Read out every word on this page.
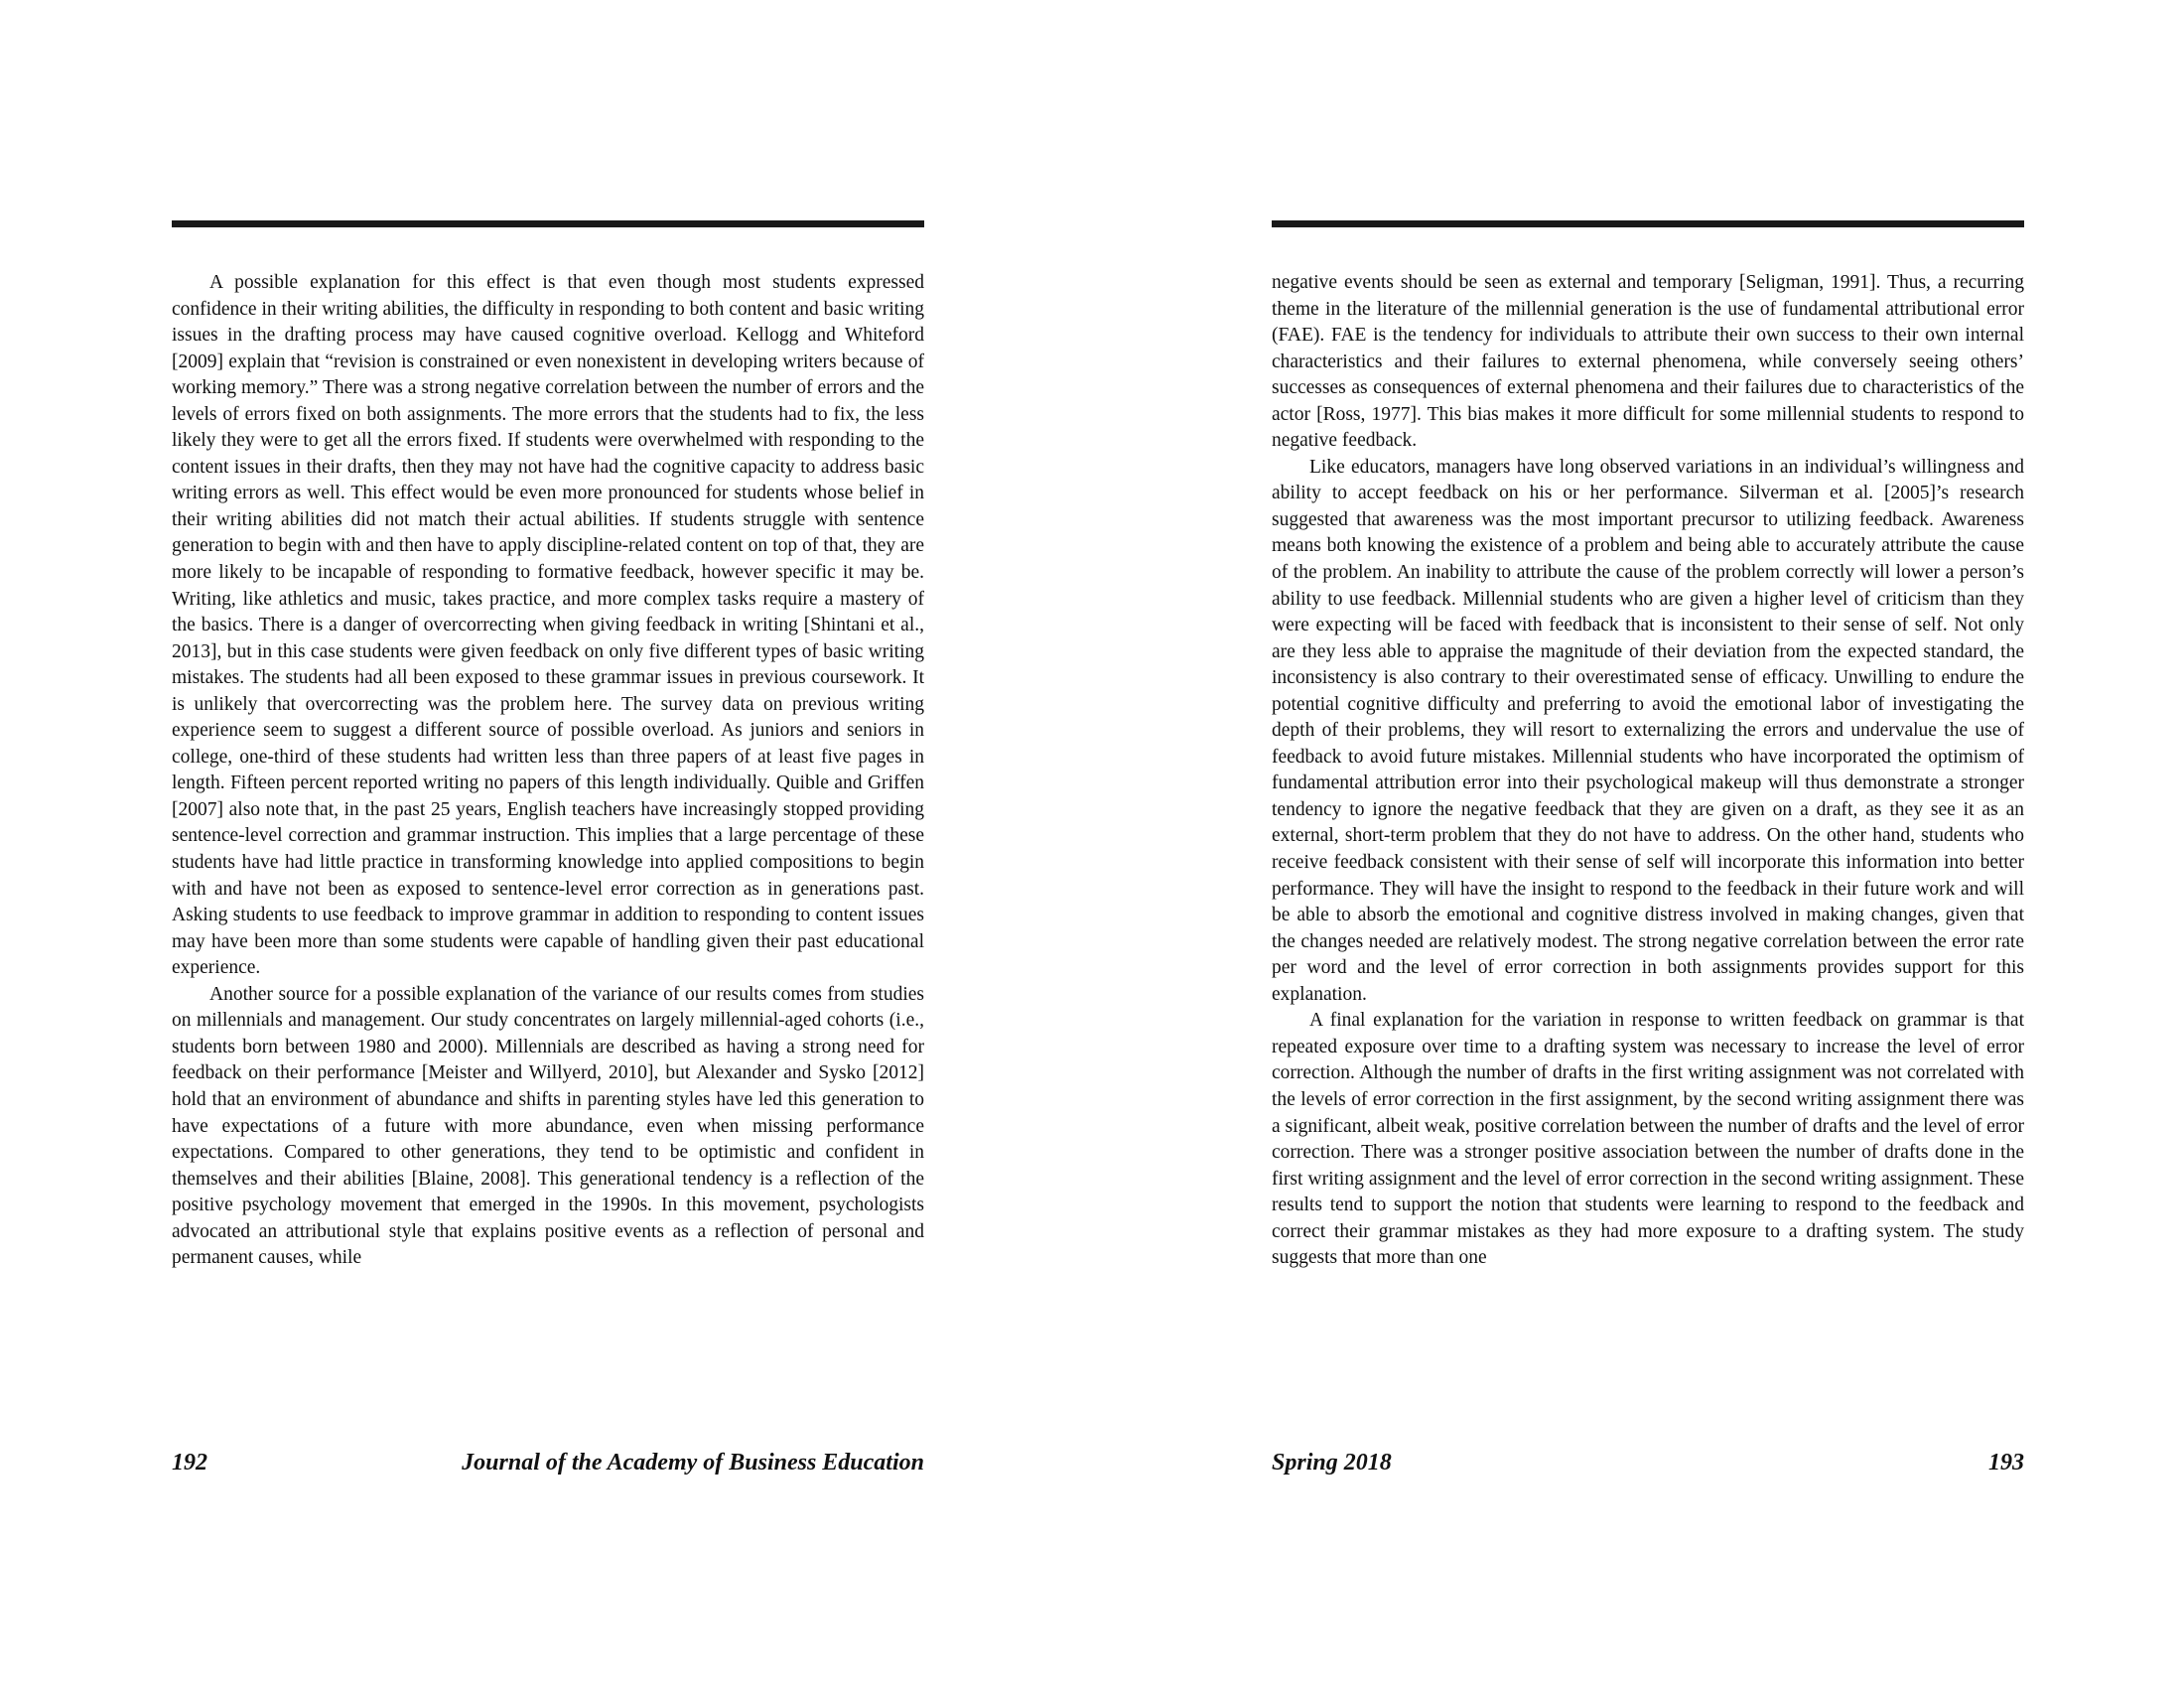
A possible explanation for this effect is that even though most students expressed confidence in their writing abilities, the difficulty in responding to both content and basic writing issues in the drafting process may have caused cognitive overload. Kellogg and Whiteford [2009] explain that “revision is constrained or even nonexistent in developing writers because of working memory.” There was a strong negative correlation between the number of errors and the levels of errors fixed on both assignments. The more errors that the students had to fix, the less likely they were to get all the errors fixed. If students were overwhelmed with responding to the content issues in their drafts, then they may not have had the cognitive capacity to address basic writing errors as well. This effect would be even more pronounced for students whose belief in their writing abilities did not match their actual abilities. If students struggle with sentence generation to begin with and then have to apply discipline-related content on top of that, they are more likely to be incapable of responding to formative feedback, however specific it may be. Writing, like athletics and music, takes practice, and more complex tasks require a mastery of the basics. There is a danger of overcorrecting when giving feedback in writing [Shintani et al., 2013], but in this case students were given feedback on only five different types of basic writing mistakes. The students had all been exposed to these grammar issues in previous coursework. It is unlikely that overcorrecting was the problem here. The survey data on previous writing experience seem to suggest a different source of possible overload. As juniors and seniors in college, one-third of these students had written less than three papers of at least five pages in length. Fifteen percent reported writing no papers of this length individually. Quible and Griffen [2007] also note that, in the past 25 years, English teachers have increasingly stopped providing sentence-level correction and grammar instruction. This implies that a large percentage of these students have had little practice in transforming knowledge into applied compositions to begin with and have not been as exposed to sentence-level error correction as in generations past. Asking students to use feedback to improve grammar in addition to responding to content issues may have been more than some students were capable of handling given their past educational experience.

Another source for a possible explanation of the variance of our results comes from studies on millennials and management. Our study concentrates on largely millennial-aged cohorts (i.e., students born between 1980 and 2000). Millennials are described as having a strong need for feedback on their performance [Meister and Willyerd, 2010], but Alexander and Sysko [2012] hold that an environment of abundance and shifts in parenting styles have led this generation to have expectations of a future with more abundance, even when missing performance expectations. Compared to other generations, they tend to be optimistic and confident in themselves and their abilities [Blaine, 2008]. This generational tendency is a reflection of the positive psychology movement that emerged in the 1990s. In this movement, psychologists advocated an attributional style that explains positive events as a reflection of personal and permanent causes, while

192	Journal of the Academy of Business Education

negative events should be seen as external and temporary [Seligman, 1991]. Thus, a recurring theme in the literature of the millennial generation is the use of fundamental attributional error (FAE). FAE is the tendency for individuals to attribute their own success to their own internal characteristics and their failures to external phenomena, while conversely seeing others’ successes as consequences of external phenomena and their failures due to characteristics of the actor [Ross, 1977]. This bias makes it more difficult for some millennial students to respond to negative feedback.

Like educators, managers have long observed variations in an individual’s willingness and ability to accept feedback on his or her performance. Silverman et al. [2005]’s research suggested that awareness was the most important precursor to utilizing feedback. Awareness means both knowing the existence of a problem and being able to accurately attribute the cause of the problem. An inability to attribute the cause of the problem correctly will lower a person’s ability to use feedback. Millennial students who are given a higher level of criticism than they were expecting will be faced with feedback that is inconsistent to their sense of self. Not only are they less able to appraise the magnitude of their deviation from the expected standard, the inconsistency is also contrary to their overestimated sense of efficacy. Unwilling to endure the potential cognitive difficulty and preferring to avoid the emotional labor of investigating the depth of their problems, they will resort to externalizing the errors and undervalue the use of feedback to avoid future mistakes. Millennial students who have incorporated the optimism of fundamental attribution error into their psychological makeup will thus demonstrate a stronger tendency to ignore the negative feedback that they are given on a draft, as they see it as an external, short-term problem that they do not have to address. On the other hand, students who receive feedback consistent with their sense of self will incorporate this information into better performance. They will have the insight to respond to the feedback in their future work and will be able to absorb the emotional and cognitive distress involved in making changes, given that the changes needed are relatively modest. The strong negative correlation between the error rate per word and the level of error correction in both assignments provides support for this explanation.

A final explanation for the variation in response to written feedback on grammar is that repeated exposure over time to a drafting system was necessary to increase the level of error correction. Although the number of drafts in the first writing assignment was not correlated with the levels of error correction in the first assignment, by the second writing assignment there was a significant, albeit weak, positive correlation between the number of drafts and the level of error correction. There was a stronger positive association between the number of drafts done in the first writing assignment and the level of error correction in the second writing assignment. These results tend to support the notion that students were learning to respond to the feedback and correct their grammar mistakes as they had more exposure to a drafting system. The study suggests that more than one

Spring 2018	193
